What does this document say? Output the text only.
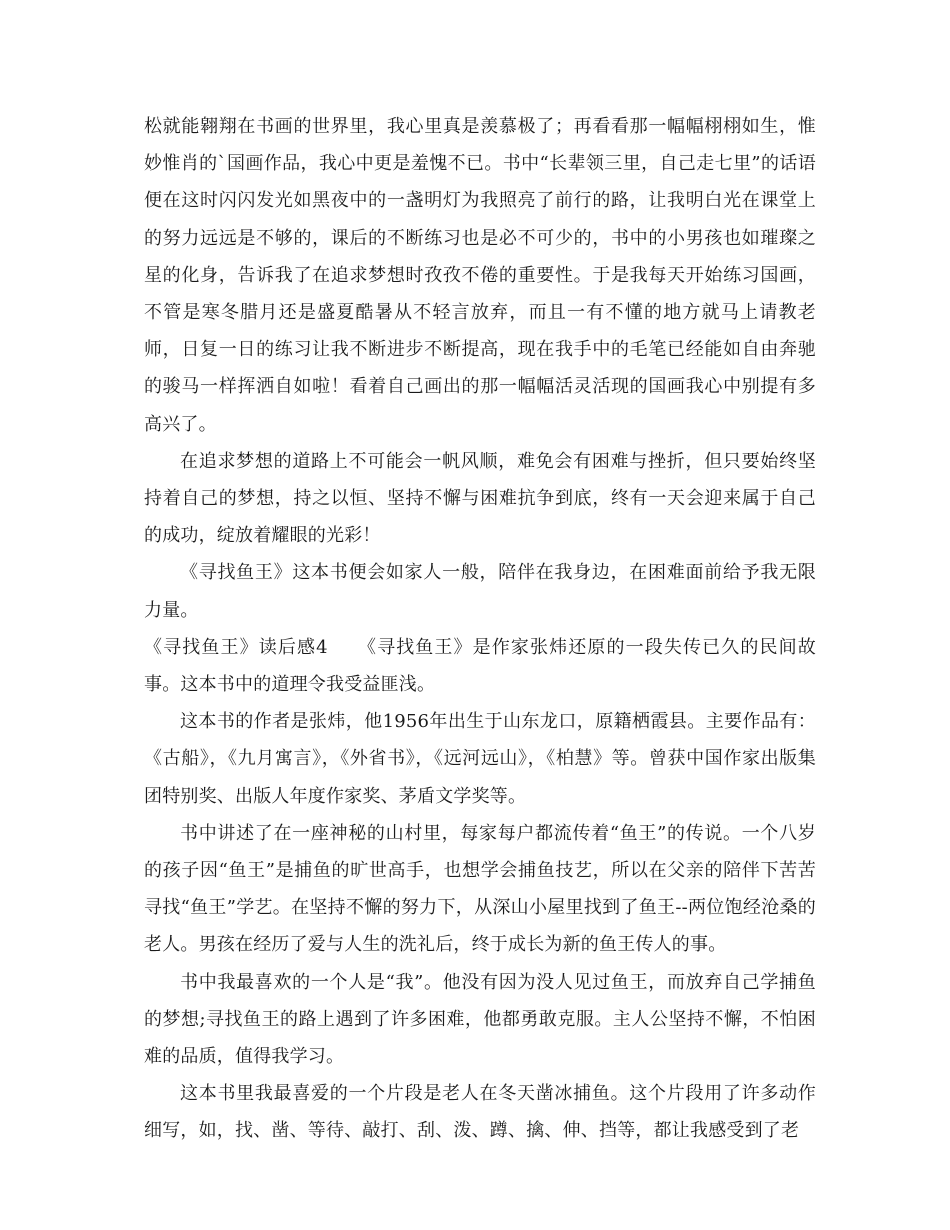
松就能翱翔在书画的世界里，我心里真是羡慕极了；再看看那一幅幅栩栩如生，惟妙惟肖的`国画作品，我心中更是羞愧不已。书中“长辈领三里，自己走七里”的话语便在这时闪闪发光如黑夜中的一盏明灯为我照亮了前行的路，让我明白光在课堂上的努力远远是不够的，课后的不断练习也是必不可少的，书中的小男孩也如璀璨之星的化身，告诉我了在追求梦想时孜孜不倦的重要性。于是我每天开始练习国画，不管是寒冬腊月还是盛夏酷暑从不轻言放弃，而且一有不懂的地方就马上请教老师，日复一日的练习让我不断进步不断提高，现在我手中的毛笔已经能如自由奔驰的骏马一样挥洒自如啦！看着自己画出的那一幅幅活灵活现的国画我心中别提有多高兴了。

在追求梦想的道路上不可能会一帆风顺，难免会有困难与挫折，但只要始终坚持着自己的梦想，持之以恒、坚持不懈与困难抗争到底，终有一天会迎来属于自己的成功，绽放着耀眼的光彩！

《寻找鱼王》这本书便会如家人一般，陪伴在我身边，在困难面前给予我无限力量。

《寻找鱼王》读后感4　　《寻找鱼王》是作家张炜还原的一段失传已久的民间故事。这本书中的道理令我受益匪浅。

这本书的作者是张炜，他1956年出生于山东龙口，原籍栖霞县。主要作品有：《古船》，《九月寓言》，《外省书》，《远河远山》，《柏慧》等。曾获中国作家出版集团特别奖、出版人年度作家奖、茅盾文学奖等。

书中讲述了在一座神秘的山村里，每家每户都流传着“鱼王”的传说。一个八岁的孩子因“鱼王”是捕鱼的旷世高手，也想学会捕鱼技艺，所以在父亲的陪伴下苦苦寻找“鱼王”学艺。在坚持不懈的努力下，从深山小屋里找到了鱼王--两位饱经沧桑的老人。男孩在经历了爱与人生的洗礼后，终于成长为新的鱼王传人的事。

书中我最喜欢的一个人是“我”。他没有因为没人见过鱼王，而放弃自己学捕鱼的梦想;寻找鱼王的路上遇到了许多困难，他都勇敢克服。主人公坚持不懈，不怕困难的品质，值得我学习。

这本书里我最喜爱的一个片段是老人在冬天凿冰捕鱼。这个片段用了许多动作细写，如，找、凿、等待、敲打、刮、泼、蹲、擒、伸、挡等，都让我感受到了老
